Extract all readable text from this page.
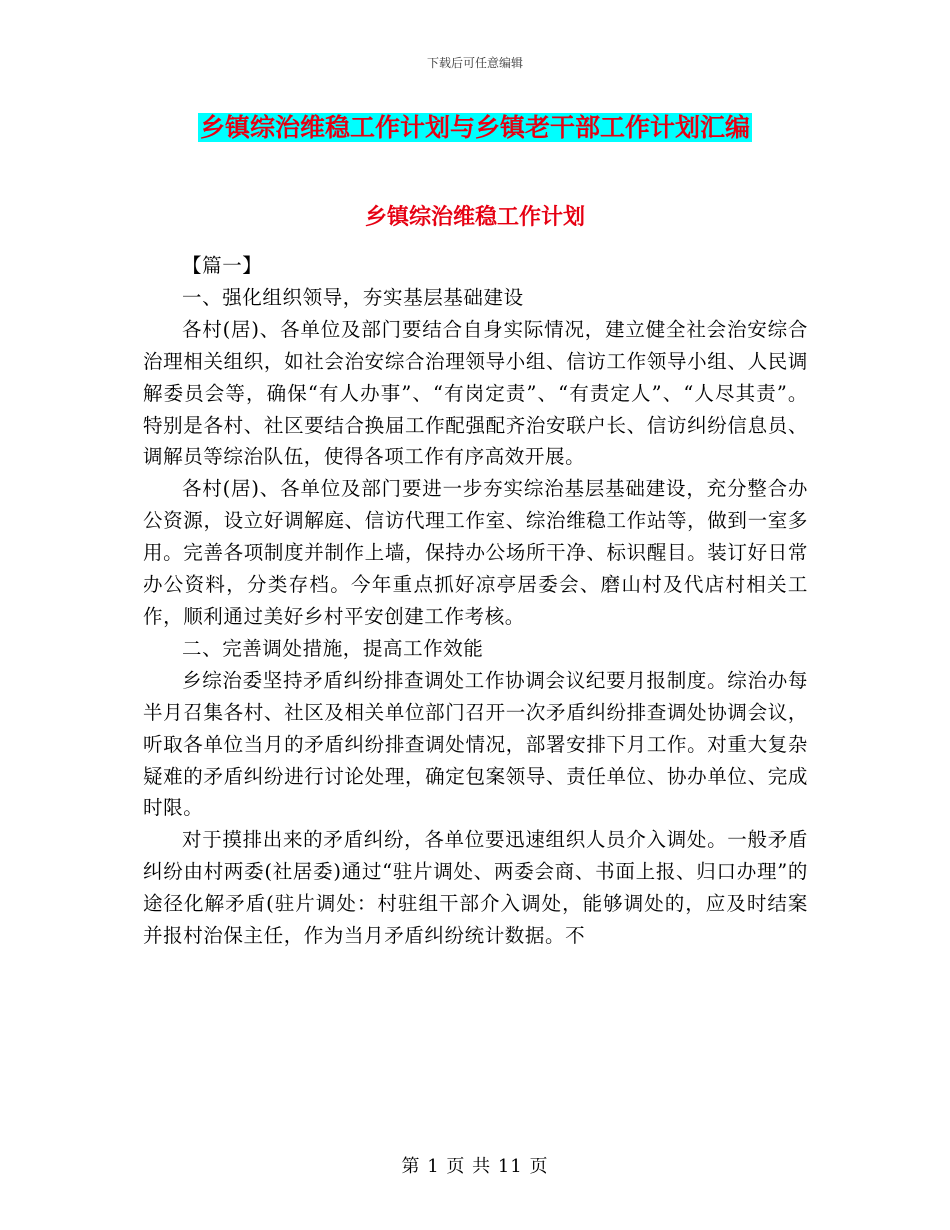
下载后可任意编辑
乡镇综治维稳工作计划与乡镇老干部工作计划汇编
乡镇综治维稳工作计划

【篇一】

一、强化组织领导，夯实基层基础建设

各村(居)、各单位及部门要结合自身实际情况，建立健全社会治安综合治理相关组织，如社会治安综合治理领导小组、信访工作领导小组、人民调解委员会等，确保“有人办事”、“有岗定责”、“有责定人”、“人尽其责”。特别是各村、社区要结合换届工作配强配齐治安联户长、信访纠纷信息员、调解员等综治队伍，使得各项工作有序高效开展。

各村(居)、各单位及部门要进一步夯实综治基层基础建设，充分整合办公资源，设立好调解庭、信访代理工作室、综治维稳工作站等，做到一室多用。完善各项制度并制作上墙，保持办公场所干净、标识醒目。装订好日常办公资料，分类存档。今年重点抓好凉亭居委会、磨山村及代店村相关工作，顺利通过美好乡村平安创建工作考核。

二、完善调处措施，提高工作效能

乡综治委坚持矛盾纠纷排查调处工作协调会议纪要月报制度。综治办每半月召集各村、社区及相关单位部门召开一次矛盾纠纷排查调处协调会议，听取各单位当月的矛盾纠纷排查调处情况，部署安排下月工作。对重大复杂疑难的矛盾纠纷进行讨论处理，确定包案领导、责任单位、协办单位、完成时限。

对于摸排出来的矛盾纠纷，各单位要迅速组织人员介入调处。一般矛盾纠纷由村两委(社居委)通过“驻片调处、两委会商、书面上报、归口办理”的途径化解矛盾(驻片调处：村驻组干部介入调处，能够调处的，应及时结案并报村治保主任，作为当月矛盾纠纷统计数据。不

第 1 页 共 11 页
